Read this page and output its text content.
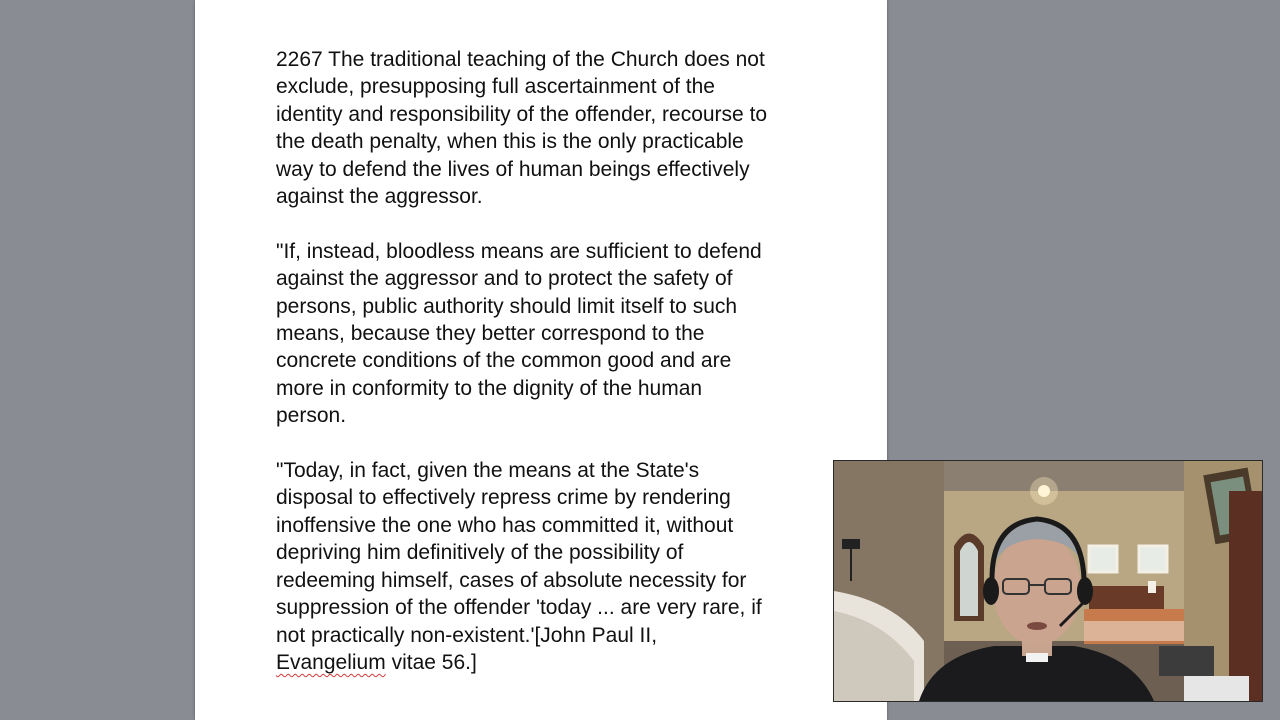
2267 The traditional teaching of the Church does not
exclude, presupposing full ascertainment of the
identity and responsibility of the offender, recourse to
the death penalty, when this is the only practicable
way to defend the lives of human beings effectively
against the aggressor.

"If, instead, bloodless means are sufficient to defend
against the aggressor and to protect the safety of
persons, public authority should limit itself to such
means, because they better correspond to the
concrete conditions of the common good and are
more in conformity to the dignity of the human
person.

"Today, in fact, given the means at the State's
disposal to effectively repress crime by rendering
inoffensive the one who has committed it, without
depriving him definitively of the possibility of
redeeming himself, cases of absolute necessity for
suppression of the offender 'today ... are very rare, if
not practically non-existent.'[John Paul II,
Evangelium vitae 56.]
